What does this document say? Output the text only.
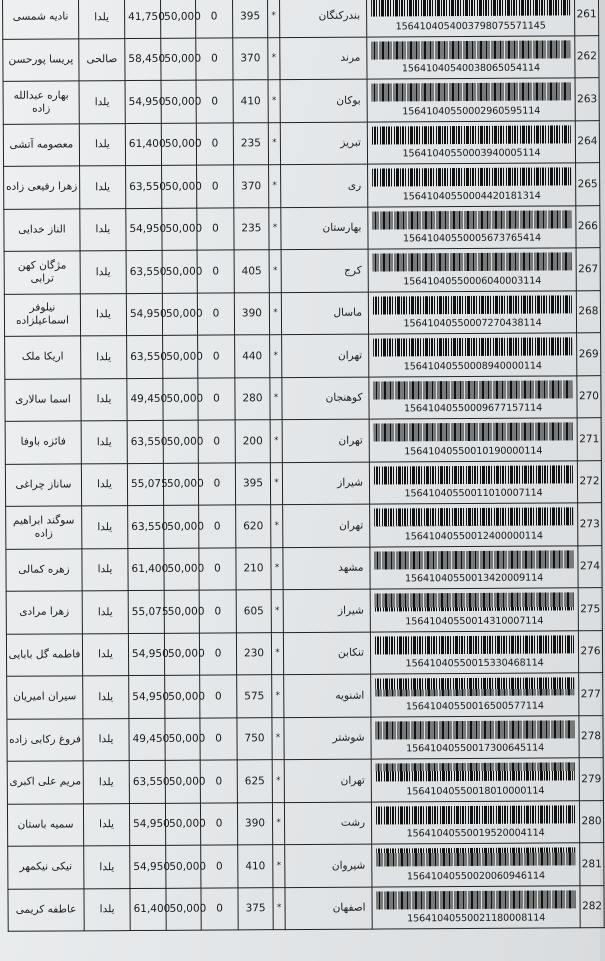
نادیه شمسی	یلدا	41,750	50,000	0	395	*	بندرکنگان	1564104054003798075571145	261
پریسا پورحسن	صالحی	58,450	50,000	0	370	*	مرند	15641040540038065054114	262
بهاره عبدالله زاده	یلدا	54,950	50,000	0	410	*	بوکان	15641040550002960595114	263
معصومه آتشی	یلدا	61,400	50,000	0	235	*	تبریز	15641040550003940005114	264
زهرا رفیعی زاده	یلدا	63,550	50,000	0	370	*	ری	15641040550004420181314	265
الناز خدایی	یلدا	54,950	50,000	0	235	*	بهارستان	15641040550005673765414	266
مژگان کهن ترابی	یلدا	63,550	50,000	0	405	*	کرج	15641040550006040003114	267
نیلوفر اسماعیلزاده	یلدا	54,950	50,000	0	390	*	ماسال	15641040550007270438114	268
اریکا ملک	یلدا	63,550	50,000	0	440	*	تهران	15641040550008940000114	269
اسما سالاری	یلدا	49,450	50,000	0	280	*	کوهنجان	15641040550009677157114	270
فائزه باوفا	یلدا	63,550	50,000	0	200	*	تهران	15641040550010190000114	271
ساناز چراغی	یلدا	55,075	50,000	0	395	*	شیراز	15641040550011010007114	272
سوگند ابراهیم زاده	یلدا	63,550	50,000	0	620	*	تهران	15641040550012400000114	273
زهره کمالی	یلدا	61,400	50,000	0	210	*	مشهد	15641040550013420009114	274
زهرا مرادی	یلدا	55,075	50,000	0	605	*	شیراز	15641040550014310007114	275
فاطمه گل بابایی	یلدا	54,950	50,000	0	230	*	تنکابن	15641040550015330468114	276
سیران امیریان	یلدا	54,950	50,000	0	575	*	اشنویه	15641040550016500577114	277
فروغ رکابی زاده	یلدا	49,450	50,000	0	750	*	شوشتر	15641040550017300645114	278
مریم علی اکبری	یلدا	63,550	50,000	0	625	*	تهران	15641040550018010000114	279
سمیه باستان	یلدا	54,950	50,000	0	390	*	رشت	15641040550019520004114	280
نیکی نیکمهر	یلدا	54,950	50,000	0	410	*	شیروان	15641040550020060946114	281
عاطفه کریمی	یلدا	61,400	50,000	0	375	*	اصفهان	15641040550021180008114	282
